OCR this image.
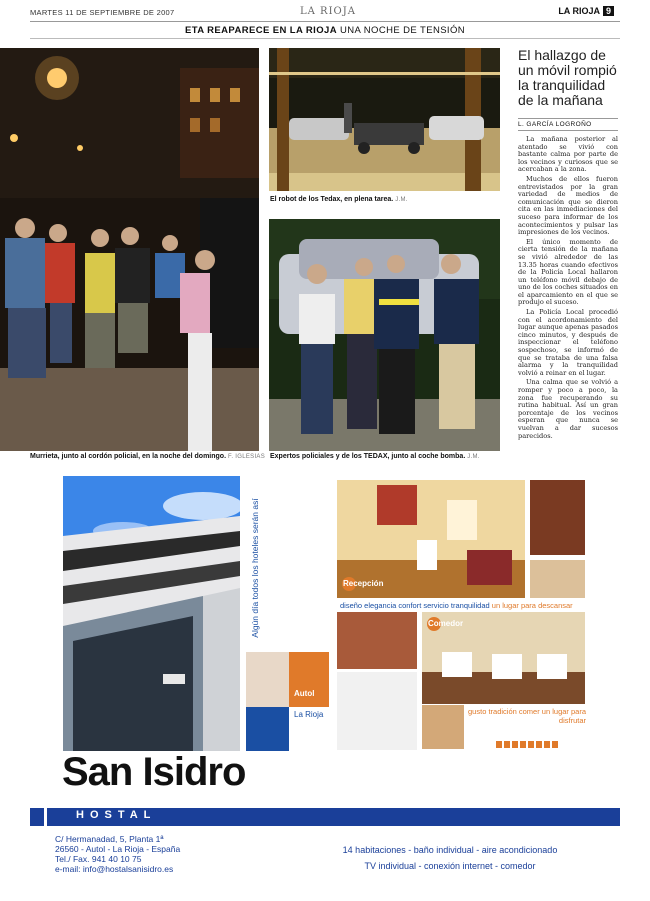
MARTES 11 DE SEPTIEMBRE DE 2007	LA RIOJA	LA RIOJA 9
ETA REAPARECE EN LA RIOJA UNA NOCHE DE TENSIÓN
Murrieta, junto al cordón policial, en la noche del domingo. F. IGLESIAS
El robot de los Tedax, en plena tarea. J.M.
Expertos policiales y de los TEDAX, junto al coche bomba. J.M.
El hallazgo de un móvil rompió la tranquilidad de la mañana
L. GARCÍA LOGROÑO

La mañana posterior al atentado se vivió con bastante calma por parte de los vecinos y curiosos que se acercaban a la zona.

Muchos de ellos fueron entrevistados por la gran variedad de medios de comunicación que se dieron cita en las inmediaciones del suceso para informar de los acontecimientos y pulsar las impresiones de los vecinos.

El único momento de cierta tensión de la mañana se vivió alrededor de las 13.35 horas cuando efectivos de la Policía Local hallaron un teléfono móvil debajo de uno de los coches situados en el aparcamiento en el que se produjo el suceso.

La Policía Local procedió con el acordonamiento del lugar aunque apenas pasados cinco minutos, y después de inspeccionar el teléfono sospechoso, se informó de que se trataba de una falsa alarma y la tranquilidad volvió a reinar en el lugar.

Una calma que se volvió a romper y poco a poco, la zona fue recuperando su rutina habitual. Así un gran porcentaje de los vecinos esperan que nunca se vuelvan a dar sucesos parecidos.

Algún día todos los hoteles serán así
Autol
La Rioja
Recepción
diseño elegancia confort servicio tranquilidad un lugar para descansar
Comedor
gusto tradición comer un lugar para disfrutar
San Isidro
HOSTAL
C/ Hermanadad, 5, Planta 1ª
26560 - Autol - La Rioja - España
Tel./ Fax. 941 40 10 75
e-mail: info@hostalsanisidro.es
14 habitaciones - baño individual - aire acondicionado
TV individual - conexión internet - comedor
